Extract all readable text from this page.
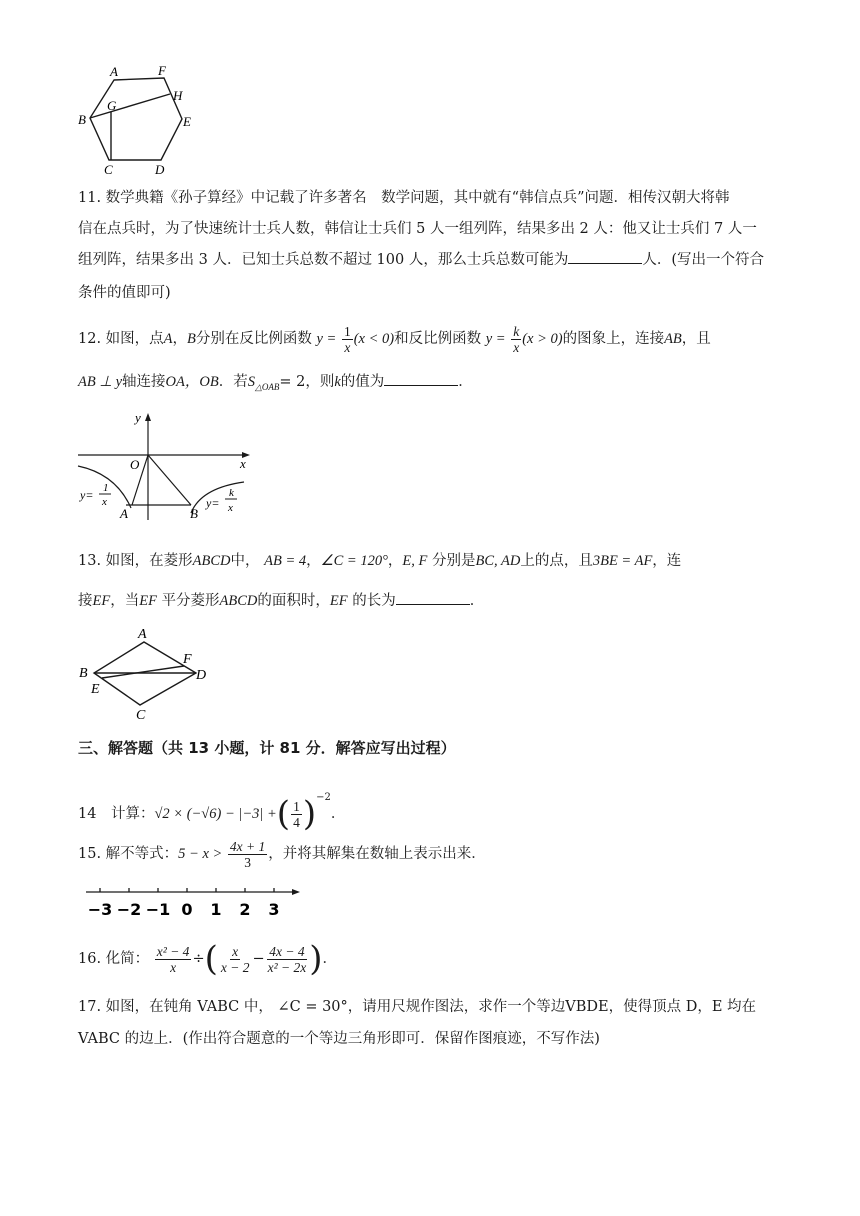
A	F
G
H
B	E
C	D
11. 数学典籍《孙子算经》中记载了许多著名　数学问题，其中就有“韩信点兵”问题．相传汉朝大将韩
信在点兵时，为了快速统计士兵人数，韩信让士兵们 5 人一组列阵，结果多出 2 人：他又让士兵们 7 人一
组列阵，结果多出 3 人．已知士兵总数不超过 100 人，那么士兵总数可能为	人．(写出一个符合
条件的值即可)
12. 如图，点A，B分别在反比例函数 $y = \frac{1}{x} (x < 0)$和反比例函数 $y = \frac{k}{x} (x > 0)$的图象上，连接AB，且
AB ⊥ y轴连接OA，OB．若$S_{\triangle OAB}= 2$，则k的值为	．
y
O	x
A	B
y= 1
x	y=
k
x
13. 如图，在菱形ABCD中， AB = 4，∠C = 120°，E, F 分别是BC, AD上的点，且3BE = AF，连
接EF，当EF 平分菱形ABCD的面积时，EF 的长为	．
A
B
F
D
E
C
三、解答题（共 13 小题，计 81 分．解答应写出过程）
14　计算：√2 × (−√6) − |−3| +( $\frac{1}{4} )^{-2}$．
15. 解不等式：$5 - x > \frac{4x + 1}{3}$ ，并将其解集在数轴上表示出来．
−3 −2 −1 0 1 2 3
16. 化简： $\frac{\text{x² − 4}}{x}$ ÷( $\frac{x}{x - 2} - \frac{4x - 4}{\text{x² − 2x}}$ )．
17. 如图，在钝角 VABC 中， ∠C = 30°，请用尺规作图法，求作一个等边VBDE，使得顶点 D，E 均在
VABC 的边上．(作出符合题意的一个等边三角形即可．保留作图痕迹，不写作法)
